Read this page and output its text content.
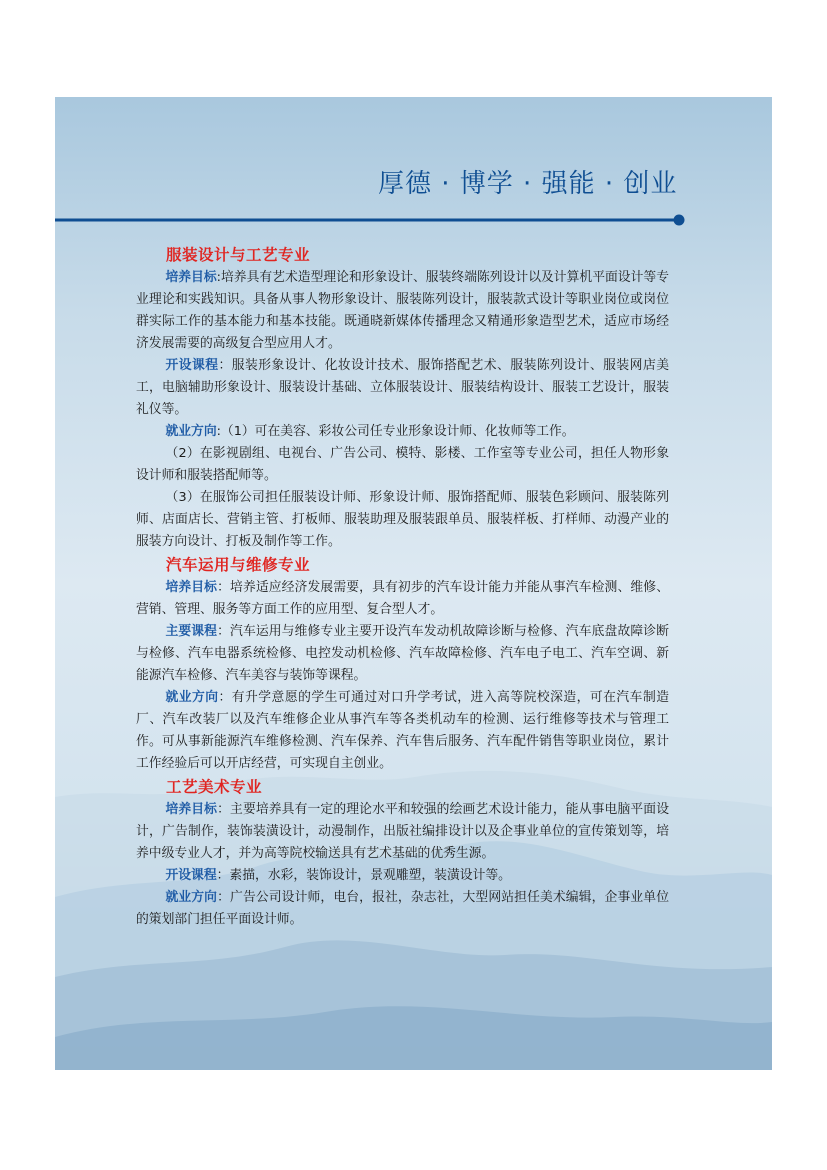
厚德 · 博学 · 强能 · 创业

服装设计与工艺专业

培养目标:培养具有艺术造型理论和形象设计、服装终端陈列设计以及计算机平面设计等专业理论和实践知识。具备从事人物形象设计、服装陈列设计，服装款式设计等职业岗位或岗位群实际工作的基本能力和基本技能。既通晓新媒体传播理念又精通形象造型艺术，适应市场经济发展需要的高级复合型应用人才。

开设课程：服装形象设计、化妆设计技术、服饰搭配艺术、服装陈列设计、服装网店美工，电脑辅助形象设计、服装设计基础、立体服装设计、服装结构设计、服装工艺设计，服装礼仪等。

就业方向:（1）可在美容、彩妆公司任专业形象设计师、化妆师等工作。

（2）在影视剧组、电视台、广告公司、模特、影楼、工作室等专业公司，担任人物形象设计师和服装搭配师等。

（3）在服饰公司担任服装设计师、形象设计师、服饰搭配师、服装色彩顾问、服装陈列师、店面店长、营销主管、打板师、服装助理及服装跟单员、服装样板、打样师、动漫产业的服装方向设计、打板及制作等工作。

汽车运用与维修专业

培养目标：培养适应经济发展需要，具有初步的汽车设计能力并能从事汽车检测、维修、营销、管理、服务等方面工作的应用型、复合型人才。

主要课程：汽车运用与维修专业主要开设汽车发动机故障诊断与检修、汽车底盘故障诊断与检修、汽车电器系统检修、电控发动机检修、汽车故障检修、汽车电子电工、汽车空调、新能源汽车检修、汽车美容与装饰等课程。

就业方向：有升学意愿的学生可通过对口升学考试，进入高等院校深造，可在汽车制造厂、汽车改装厂以及汽车维修企业从事汽车等各类机动车的检测、运行维修等技术与管理工作。可从事新能源汽车维修检测、汽车保养、汽车售后服务、汽车配件销售等职业岗位，累计工作经验后可以开店经营，可实现自主创业。

工艺美术专业

培养目标：主要培养具有一定的理论水平和较强的绘画艺术设计能力，能从事电脑平面设计，广告制作，装饰装潢设计，动漫制作，出版社编排设计以及企事业单位的宣传策划等，培养中级专业人才，并为高等院校输送具有艺术基础的优秀生源。

开设课程：素描，水彩，装饰设计，景观雕塑，装潢设计等。

就业方向：广告公司设计师，电台，报社，杂志社，大型网站担任美术编辑，企事业单位的策划部门担任平面设计师。
